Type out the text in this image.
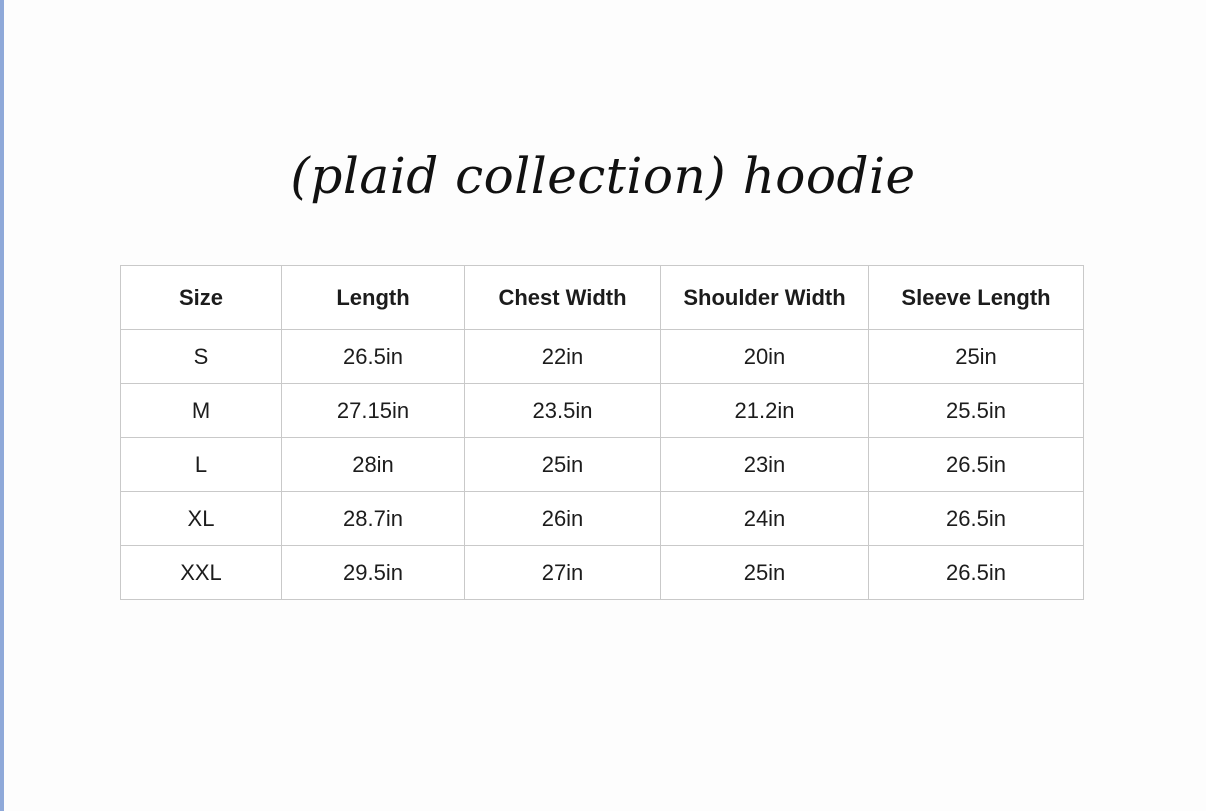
(plaid collection) hoodie
Size	Length	Chest Width	Shoulder Width	Sleeve Length
S	26.5in	22in	20in	25in
M	27.15in	23.5in	21.2in	25.5in
L	28in	25in	23in	26.5in
XL	28.7in	26in	24in	26.5in
XXL	29.5in	27in	25in	26.5in
